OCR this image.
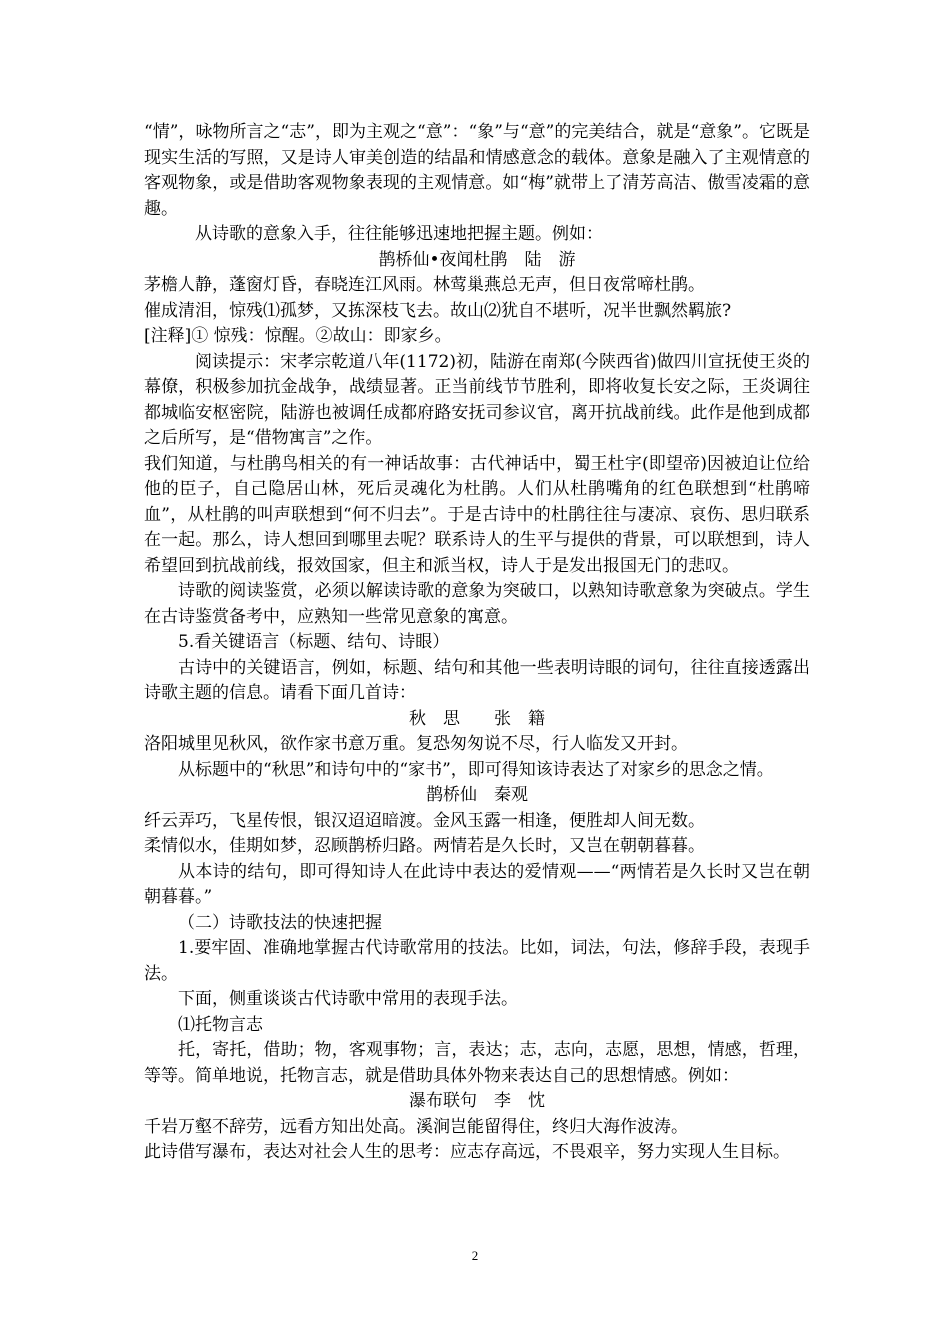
“情”，咏物所言之“志”，即为主观之“意”：“象”与“意”的完美结合，就是“意象”。它既是现实生活的写照，又是诗人审美创造的结晶和情感意念的载体。意象是融入了主观情意的客观物象，或是借助客观物象表现的主观情意。如“梅”就带上了清芳高洁、傲雪凌霜的意趣。

从诗歌的意象入手，往往能够迅速地把握主题。例如：

鹊桥仙•夜闻杜鹃　陆　游

茅檐人静，蓬窗灯昏，春晓连江风雨。林莺巢燕总无声，但日夜常啼杜鹃。

催成清泪，惊残⑴孤梦，又拣深枝飞去。故山⑵犹自不堪听，况半世飘然羁旅?

[注释]① 惊残：惊醒。②故山：即家乡。

阅读提示：宋孝宗乾道八年(1172)初，陆游在南郑(今陕西省)做四川宣抚使王炎的幕僚，积极参加抗金战争，战绩显著。正当前线节节胜利，即将收复长安之际，王炎调往都城临安枢密院，陆游也被调任成都府路安抚司参议官，离开抗战前线。此作是他到成都之后所写，是“借物寓言”之作。

我们知道，与杜鹃鸟相关的有一神话故事：古代神话中，蜀王杜宇(即望帝)因被迫让位给他的臣子，自己隐居山林，死后灵魂化为杜鹃。人们从杜鹃嘴角的红色联想到“杜鹃啼血”，从杜鹃的叫声联想到“何不归去”。于是古诗中的杜鹃往往与凄凉、哀伤、思归联系在一起。那么，诗人想回到哪里去呢？联系诗人的生平与提供的背景，可以联想到，诗人希望回到抗战前线，报效国家，但主和派当权，诗人于是发出报国无门的悲叹。

诗歌的阅读鉴赏，必须以解读诗歌的意象为突破口，以熟知诗歌意象为突破点。学生在古诗鉴赏备考中，应熟知一些常见意象的寓意。

5.看关键语言（标题、结句、诗眼）

古诗中的关键语言，例如，标题、结句和其他一些表明诗眼的词句，往往直接透露出诗歌主题的信息。请看下面几首诗：

秋　思　　张　籍

洛阳城里见秋风，欲作家书意万重。复恐匆匆说不尽，行人临发又开封。

从标题中的“秋思”和诗句中的“家书”，即可得知该诗表达了对家乡的思念之情。

鹊桥仙　秦观

纤云弄巧，飞星传恨，银汉迢迢暗渡。金风玉露一相逢，便胜却人间无数。

柔情似水，佳期如梦，忍顾鹊桥归路。两情若是久长时，又岂在朝朝暮暮。

从本诗的结句，即可得知诗人在此诗中表达的爱情观——“两情若是久长时又岂在朝朝暮暮。”

（二）诗歌技法的快速把握

1.要牢固、准确地掌握古代诗歌常用的技法。比如，词法，句法，修辞手段，表现手法。

下面，侧重谈谈古代诗歌中常用的表现手法。

⑴托物言志

托，寄托，借助；物，客观事物；言，表达；志，志向，志愿，思想，情感，哲理，等等。简单地说，托物言志，就是借助具体外物来表达自己的思想情感。例如：

瀑布联句　李　忱

千岩万壑不辞劳，远看方知出处高。溪涧岂能留得住，终归大海作波涛。

此诗借写瀑布，表达对社会人生的思考：应志存高远，不畏艰辛，努力实现人生目标。

2
